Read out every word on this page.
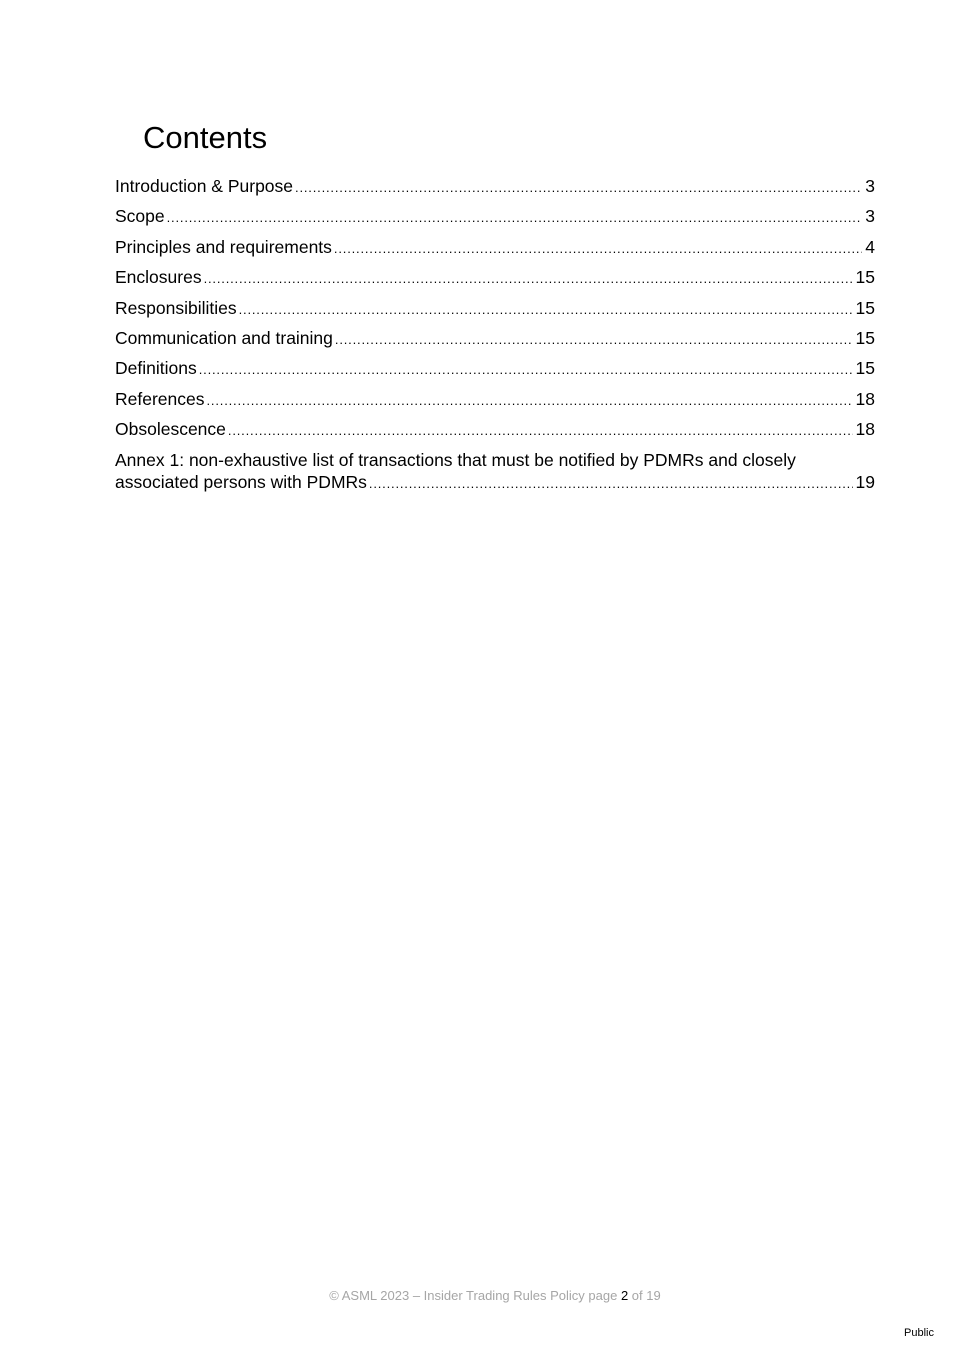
Contents
Introduction & Purpose . . .	3
Scope . . .	3
Principles and requirements . . .	4
Enclosures . . .	15
Responsibilities . . .	15
Communication and training . . .	15
Definitions . . .	15
References . . .	18
Obsolescence . . .	18
Annex 1: non-exhaustive list of transactions that must be notified by PDMRs and closely
associated persons with PDMRs . . .	19
© ASML 2023 – Insider Trading Rules Policy page 2 of 19
Public
